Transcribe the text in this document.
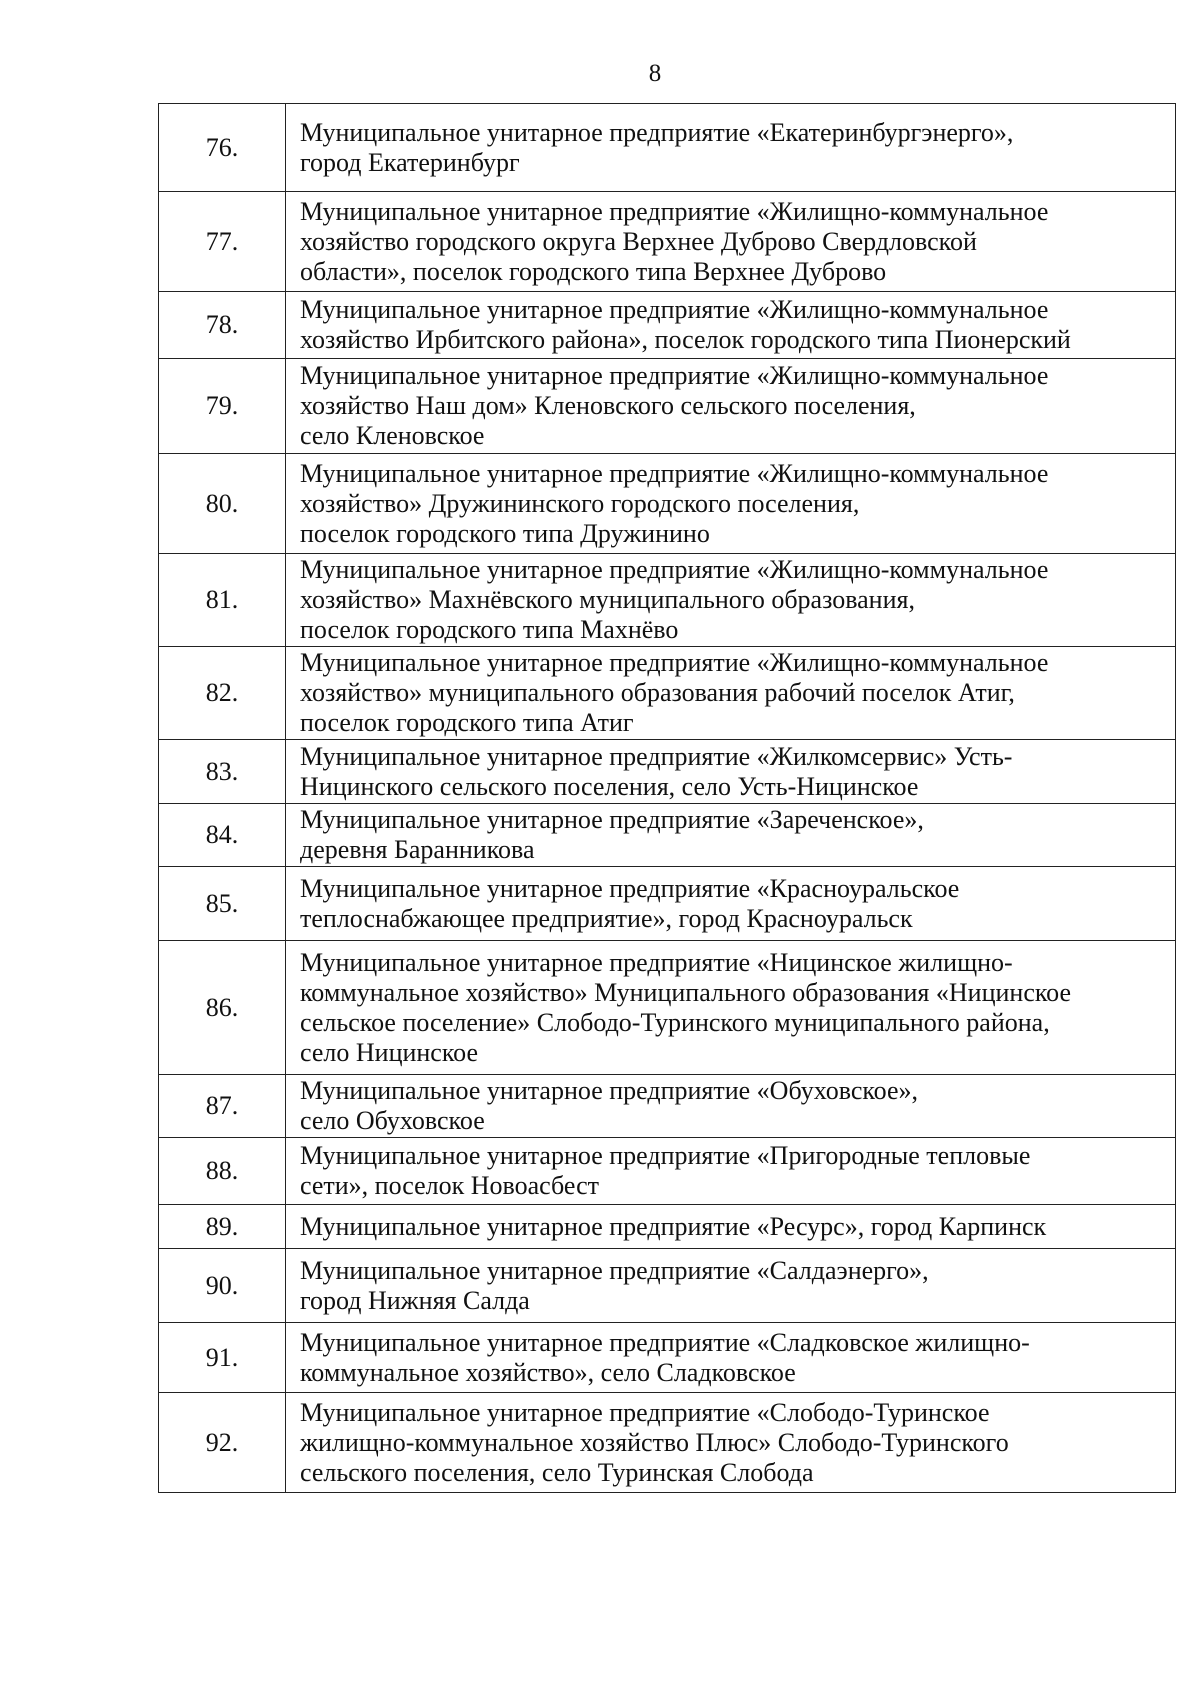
8
76.	Муниципальное унитарное предприятие «Екатеринбургэнерго»,
город Екатеринбург

77.	Муниципальное унитарное предприятие «Жилищно-коммунальное
хозяйство городского округа Верхнее Дуброво Свердловской
области», поселок городского типа Верхнее Дуброво

78.	Муниципальное унитарное предприятие «Жилищно-коммунальное
хозяйство Ирбитского района», поселок городского типа Пионерский

79.	Муниципальное унитарное предприятие «Жилищно-коммунальное
хозяйство Наш дом» Кленовского сельского поселения,
село Кленовское

80.	Муниципальное унитарное предприятие «Жилищно-коммунальное
хозяйство» Дружининского городского поселения,
поселок городского типа Дружинино

81.	Муниципальное унитарное предприятие «Жилищно-коммунальное
хозяйство» Махнёвского муниципального образования,
поселок городского типа Махнёво

82.	Муниципальное унитарное предприятие «Жилищно-коммунальное
хозяйство» муниципального образования рабочий поселок Атиг,
поселок городского типа Атиг

83.	Муниципальное унитарное предприятие «Жилкомсервис» Усть-
Ницинского сельского поселения, село Усть-Ницинское

84.	Муниципальное унитарное предприятие «Зареченское»,
деревня Баранникова

85.	Муниципальное унитарное предприятие «Красноуральское
теплоснабжающее предприятие», город Красноуральск

86.	Муниципальное унитарное предприятие «Ницинское жилищно-
коммунальное хозяйство» Муниципального образования «Ницинское
сельское поселение» Слободо-Туринского муниципального района,
село Ницинское

87.	Муниципальное унитарное предприятие «Обуховское»,
село Обуховское

88.	Муниципальное унитарное предприятие «Пригородные тепловые
сети», поселок Новоасбест

89.	Муниципальное унитарное предприятие «Ресурс», город Карпинск

90.	Муниципальное унитарное предприятие «Салдаэнерго»,
город Нижняя Салда

91.	Муниципальное унитарное предприятие «Сладковское жилищно-
коммунальное хозяйство», село Сладковское

92.	Муниципальное унитарное предприятие «Слободо-Туринское
жилищно-коммунальное хозяйство Плюс» Слободо-Туринского
сельского поселения, село Туринская Слобода
